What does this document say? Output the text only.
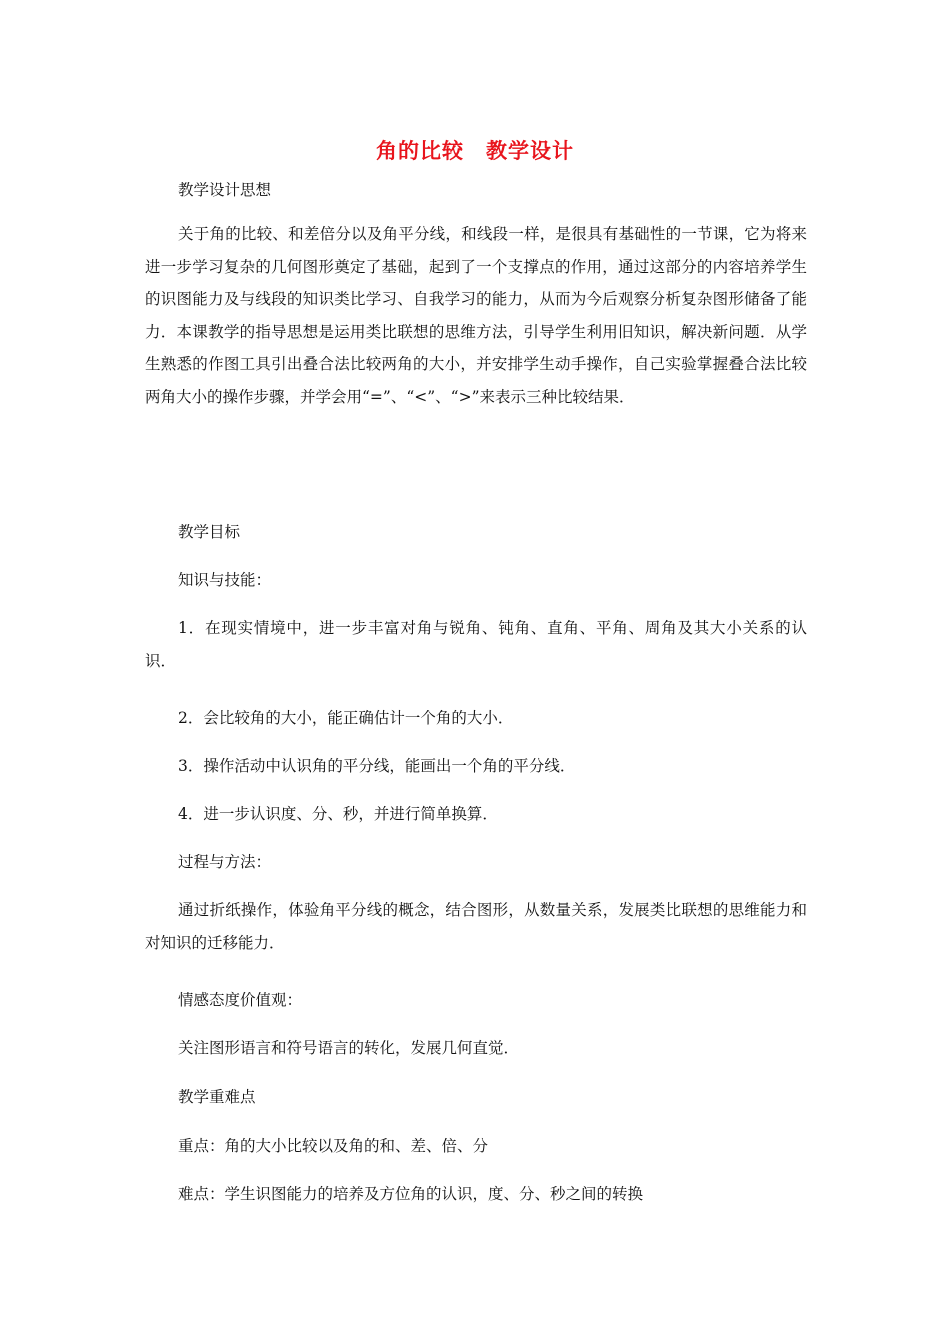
角的比较 教学设计
教学设计思想

关于角的比较、和差倍分以及角平分线，和线段一样，是很具有基础性的一节课，它为将来进一步学习复杂的几何图形奠定了基础，起到了一个支撑点的作用，通过这部分的内容培养学生的识图能力及与线段的知识类比学习、自我学习的能力，从而为今后观察分析复杂图形储备了能力．本课教学的指导思想是运用类比联想的思维方法，引导学生利用旧知识，解决新问题．从学生熟悉的作图工具引出叠合法比较两角的大小，并安排学生动手操作，自己实验掌握叠合法比较两角大小的操作步骤，并学会用“=”、“<”、“>”来表示三种比较结果．

教学目标
知识与技能：

1．在现实情境中，进一步丰富对角与锐角、钝角、直角、平角、周角及其大小关系的认识．

2．会比较角的大小，能正确估计一个角的大小．
3．操作活动中认识角的平分线，能画出一个角的平分线．
4．进一步认识度、分、秒，并进行简单换算．
过程与方法：

通过折纸操作，体验角平分线的概念，结合图形，从数量关系，发展类比联想的思维能力和对知识的迁移能力．

情感态度价值观：
关注图形语言和符号语言的转化，发展几何直觉．
教学重难点
重点：角的大小比较以及角的和、差、倍、分
难点：学生识图能力的培养及方位角的认识，度、分、秒之间的转换
